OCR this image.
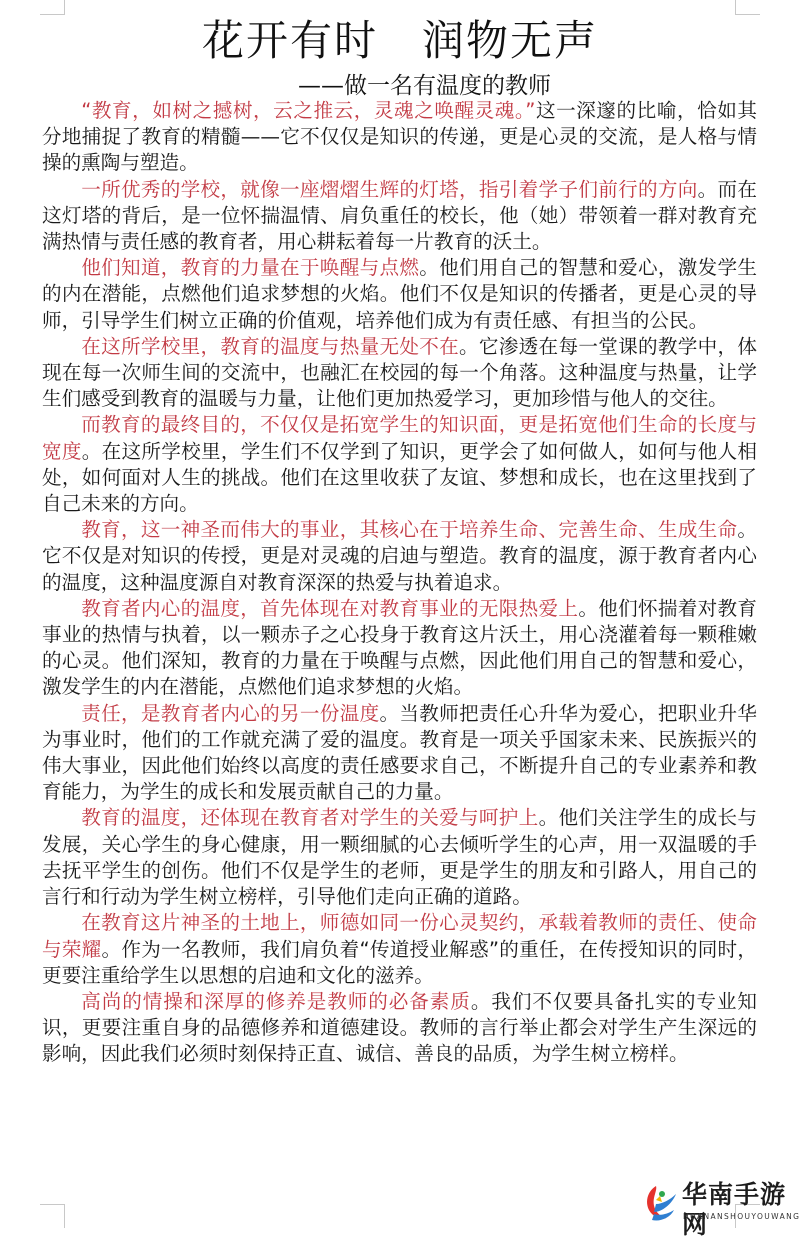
花开有时 润物无声
——做一名有温度的教师

“教育，如树之撼树，云之推云，灵魂之唤醒灵魂。”这一深邃的比喻，恰如其分地捕捉了教育的精髓——它不仅仅是知识的传递，更是心灵的交流，是人格与情操的熏陶与塑造。

一所优秀的学校，就像一座熠熠生辉的灯塔，指引着学子们前行的方向。而在这灯塔的背后，是一位怀揣温情、肩负重任的校长，他（她）带领着一群对教育充满热情与责任感的教育者，用心耕耘着每一片教育的沃土。

他们知道，教育的力量在于唤醒与点燃。他们用自己的智慧和爱心，激发学生的内在潜能，点燃他们追求梦想的火焰。他们不仅是知识的传播者，更是心灵的导师，引导学生们树立正确的价值观，培养他们成为有责任感、有担当的公民。

在这所学校里，教育的温度与热量无处不在。它渗透在每一堂课的教学中，体现在每一次师生间的交流中，也融汇在校园的每一个角落。这种温度与热量，让学生们感受到教育的温暖与力量，让他们更加热爱学习，更加珍惜与他人的交往。

而教育的最终目的，不仅仅是拓宽学生的知识面，更是拓宽他们生命的长度与宽度。在这所学校里，学生们不仅学到了知识，更学会了如何做人，如何与他人相处，如何面对人生的挑战。他们在这里收获了友谊、梦想和成长，也在这里找到了自己未来的方向。

教育，这一神圣而伟大的事业，其核心在于培养生命、完善生命、生成生命。它不仅是对知识的传授，更是对灵魂的启迪与塑造。教育的温度，源于教育者内心的温度，这种温度源自对教育深深的热爱与执着追求。

教育者内心的温度，首先体现在对教育事业的无限热爱上。他们怀揣着对教育事业的热情与执着，以一颗赤子之心投身于教育这片沃土，用心浇灌着每一颗稚嫩的心灵。他们深知，教育的力量在于唤醒与点燃，因此他们用自己的智慧和爱心，激发学生的内在潜能，点燃他们追求梦想的火焰。

责任，是教育者内心的另一份温度。当教师把责任心升华为爱心，把职业升华为事业时，他们的工作就充满了爱的温度。教育是一项关乎国家未来、民族振兴的伟大事业，因此他们始终以高度的责任感要求自己，不断提升自己的专业素养和教育能力，为学生的成长和发展贡献自己的力量。

教育的温度，还体现在教育者对学生的关爱与呵护上。他们关注学生的成长与发展，关心学生的身心健康，用一颗细腻的心去倾听学生的心声，用一双温暖的手去抚平学生的创伤。他们不仅是学生的老师，更是学生的朋友和引路人，用自己的言行和行动为学生树立榜样，引导他们走向正确的道路。

在教育这片神圣的土地上，师德如同一份心灵契约，承载着教师的责任、使命与荣耀。作为一名教师，我们肩负着“传道授业解惑”的重任，在传授知识的同时，更要注重给学生以思想的启迪和文化的滋养。

高尚的情操和深厚的修养是教师的必备素质。我们不仅要具备扎实的专业知识，更要注重自身的品德修养和道德建设。教师的言行举止都会对学生产生深远的影响，因此我们必须时刻保持正直、诚信、善良的品质，为学生树立榜样。

华南手游网
HUANANSHOUYOUWANG
